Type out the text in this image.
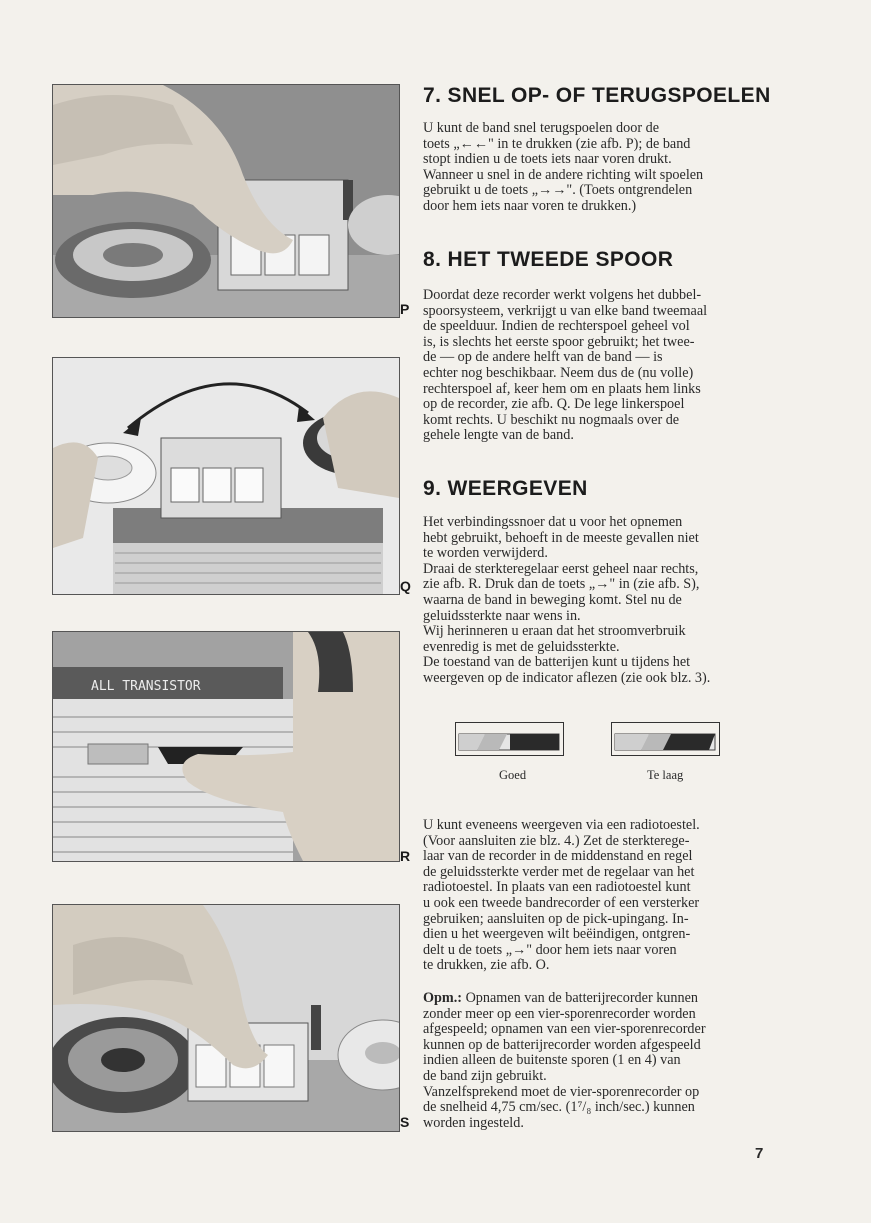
ALL TRANSISTOR
P
Q
R
S
7. SNEL OP- OF TERUGSPOELEN
U kunt de band snel terugspoelen door de
toets „←←" in te drukken (zie afb. P); de band
stopt indien u de toets iets naar voren drukt.
Wanneer u snel in de andere richting wilt spoelen
gebruikt u de toets „→→". (Toets ontgrendelen
door hem iets naar voren te drukken.)
8. HET TWEEDE SPOOR
Doordat deze recorder werkt volgens het dubbel-
spoorsysteem, verkrijgt u van elke band tweemaal
de speelduur. Indien de rechterspoel geheel vol
is, is slechts het eerste spoor gebruikt; het twee-
de — op de andere helft van de band — is
echter nog beschikbaar. Neem dus de (nu volle)
rechterspoel af, keer hem om en plaats hem links
op de recorder, zie afb. Q. De lege linkerspoel
komt rechts. U beschikt nu nogmaals over de
gehele lengte van de band.
9. WEERGEVEN
Het verbindingssnoer dat u voor het opnemen
hebt gebruikt, behoeft in de meeste gevallen niet
te worden verwijderd.
Draai de sterkteregelaar eerst geheel naar rechts,
zie afb. R. Druk dan de toets „→" in (zie afb. S),
waarna de band in beweging komt. Stel nu de
geluidssterkte naar wens in.
Wij herinneren u eraan dat het stroomverbruik
evenredig is met de geluidssterkte.
De toestand van de batterijen kunt u tijdens het
weergeven op de indicator aflezen (zie ook blz. 3).
Goed	Te laag
U kunt eveneens weergeven via een radiotoestel.
(Voor aansluiten zie blz. 4.) Zet de sterkterege-
laar van de recorder in de middenstand en regel
de geluidssterkte verder met de regelaar van het
radiotoestel. In plaats van een radiotoestel kunt
u ook een tweede bandrecorder of een versterker
gebruiken; aansluiten op de pick-upingang. In-
dien u het weergeven wilt beëindigen, ontgren-
delt u de toets „→" door hem iets naar voren
te drukken, zie afb. O.
Opm.: Opnamen van de batterijrecorder kunnen
zonder meer op een vier-sporenrecorder worden
afgespeeld; opnamen van een vier-sporenrecorder
kunnen op de batterijrecorder worden afgespeeld
indien alleen de buitenste sporen (1 en 4) van
de band zijn gebruikt.
Vanzelfsprekend moet de vier-sporenrecorder op
de snelheid 4,75 cm/sec. (1⁷/₈ inch/sec.) kunnen
worden ingesteld.
7
